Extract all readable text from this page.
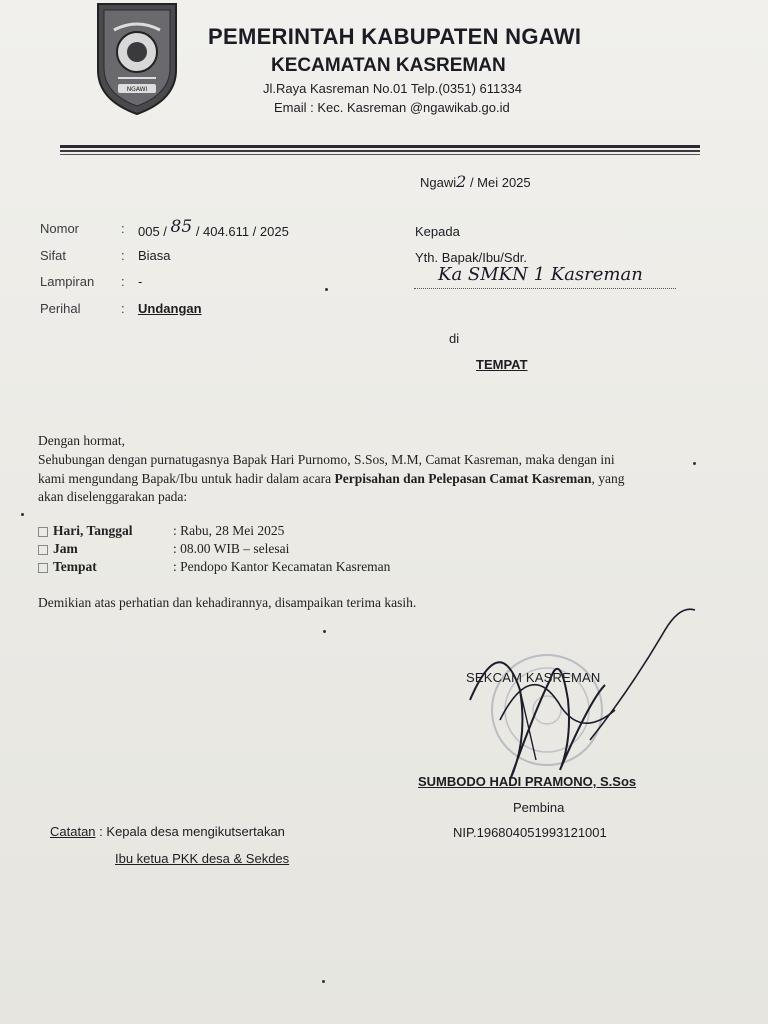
NGAWI
PEMERINTAH KABUPATEN NGAWI
KECAMATAN KASREMAN
Jl.Raya Kasreman No.01 Telp.(0351) 611334
Email : Kec. Kasreman @ngawikab.go.id
Ngawi2 / Mei 2025
Nomor	: 005 / 85 / 404.611 / 2025
Sifat	: Biasa
Lampiran : -
Perihal	: Undangan
Kepada
Yth. Bapak/Ibu/Sdr.
Ka SMKN 1 Kasreman
di
TEMPAT
Dengan hormat,
Sehubungan dengan purnatugasnya Bapak Hari Purnomo, S.Sos, M.M, Camat Kasreman, maka dengan ini
kami mengundang Bapak/Ibu untuk hadir dalam acara Perpisahan dan Pelepasan Camat Kasreman, yang
akan diselenggarakan pada:
Hari, Tanggal	: Rabu, 28 Mei 2025
Jam	: 08.00 WIB – selesai
Tempat	: Pendopo Kantor Kecamatan Kasreman
Demikian atas perhatian dan kehadirannya, disampaikan terima kasih.
SEKCAM KASREMAN
SUMBODO HADI PRAMONO, S.Sos
Pembina
NIP.196804051993121001
Catatan : Kepala desa mengikutsertakan
Ibu ketua PKK desa & Sekdes
